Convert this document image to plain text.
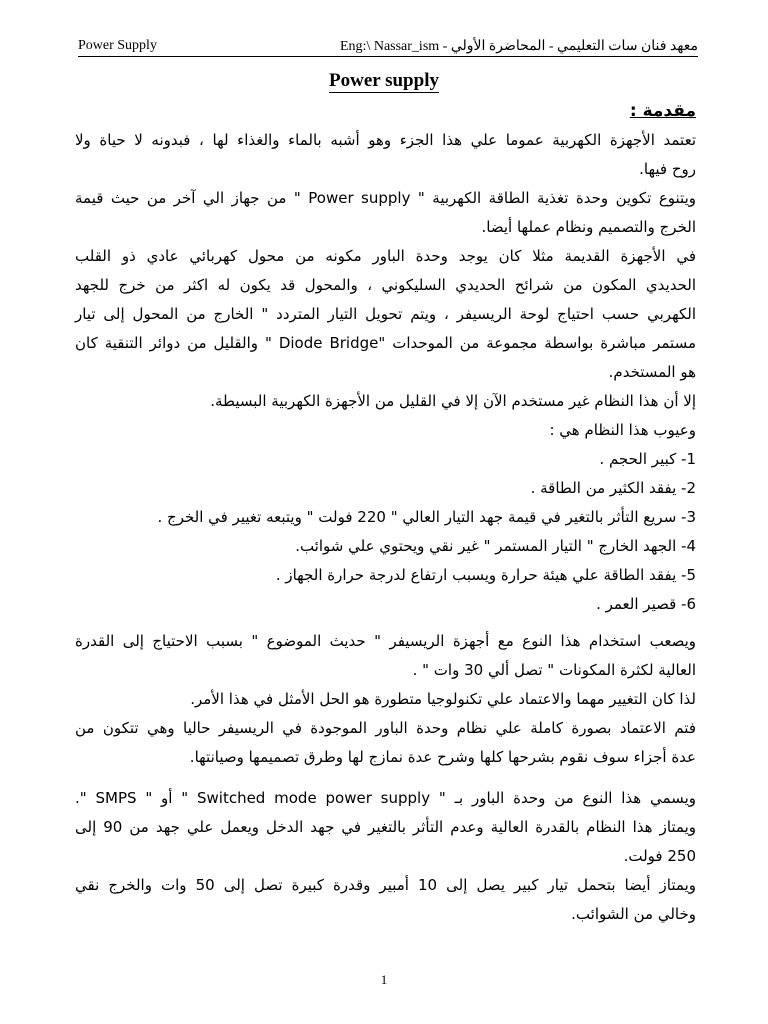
Power Supply	معهد فنان سات التعليمي - المحاضرة الأولي - Eng:\ Nassar_ism
Power supply
مقدمة :
تعتمد الأجهزة الكهربية عموما علي هذا الجزء وهو أشبه بالماء والغذاء لها ، فبدونه لا حياة ولا
روح فيها.
ويتنوع تكوين وحدة تغذية الطاقة الكهربية " Power supply " من جهاز الي آخر من حيث قيمة
الخرج والتصميم ونظام عملها أيضا.
في الأجهزة القديمة مثلا كان يوجد وحدة الباور مكونه من محول كهربائي عادي ذو القلب
الحديدي المكون من شرائح الحديدي السليكوني ، والمحول قد يكون له اكثر من خرج للجهد
الكهربي حسب احتياج لوحة الريسيفر ، ويتم تحويل التيار المتردد " الخارج من المحول إلى تيار
مستمر مباشرة بواسطة مجموعة من الموحدات "Diode Bridge " والقليل من دوائر التنقية كان
هو المستخدم.
إلا أن هذا النظام غير مستخدم الآن إلا في القليل من الأجهزة الكهربية البسيطة.
وعيوب هذا النظام هي :
1- كبير الحجم .
2- يفقد الكثير من الطاقة .
3- سريع التأثر بالتغير في قيمة جهد التيار العالي " 220 فولت " ويتبعه تغيير في الخرج .
4- الجهد الخارج " التيار المستمر " غير نقي ويحتوي علي شوائب.
5- يفقد الطاقة علي هيئة حرارة ويسبب ارتفاع لدرجة حرارة الجهاز .
6- قصير العمر .
ويصعب استخدام هذا النوع مع أجهزة الريسيفر " حديث الموضوع " بسبب الاحتياج إلى القدرة
العالية لكثرة المكونات " تصل ألي 30 وات " .
لذا كان التغيير مهما والاعتماد علي تكنولوجيا متطورة هو الحل الأمثل في هذا الأمر.
فتم الاعتماد بصورة كاملة علي نظام وحدة الباور الموجودة في الريسيفر حاليا وهي تتكون من
عدة أجزاء سوف نقوم بشرحها كلها وشرح عدة نمازج لها وطرق تصميمها وصيانتها.
ويسمي هذا النوع من وحدة الباور بـ " Switched mode power supply " أو " SMPS ".
ويمتاز هذا النظام بالقدرة العالية وعدم التأثر بالتغير في جهد الدخل ويعمل علي جهد من 90 إلى
250 فولت.
ويمتاز أيضا بتحمل تيار كبير يصل إلى 10 أمبير وقدرة كبيرة تصل إلى 50 وات والخرج نقي
وخالي من الشوائب.
1
